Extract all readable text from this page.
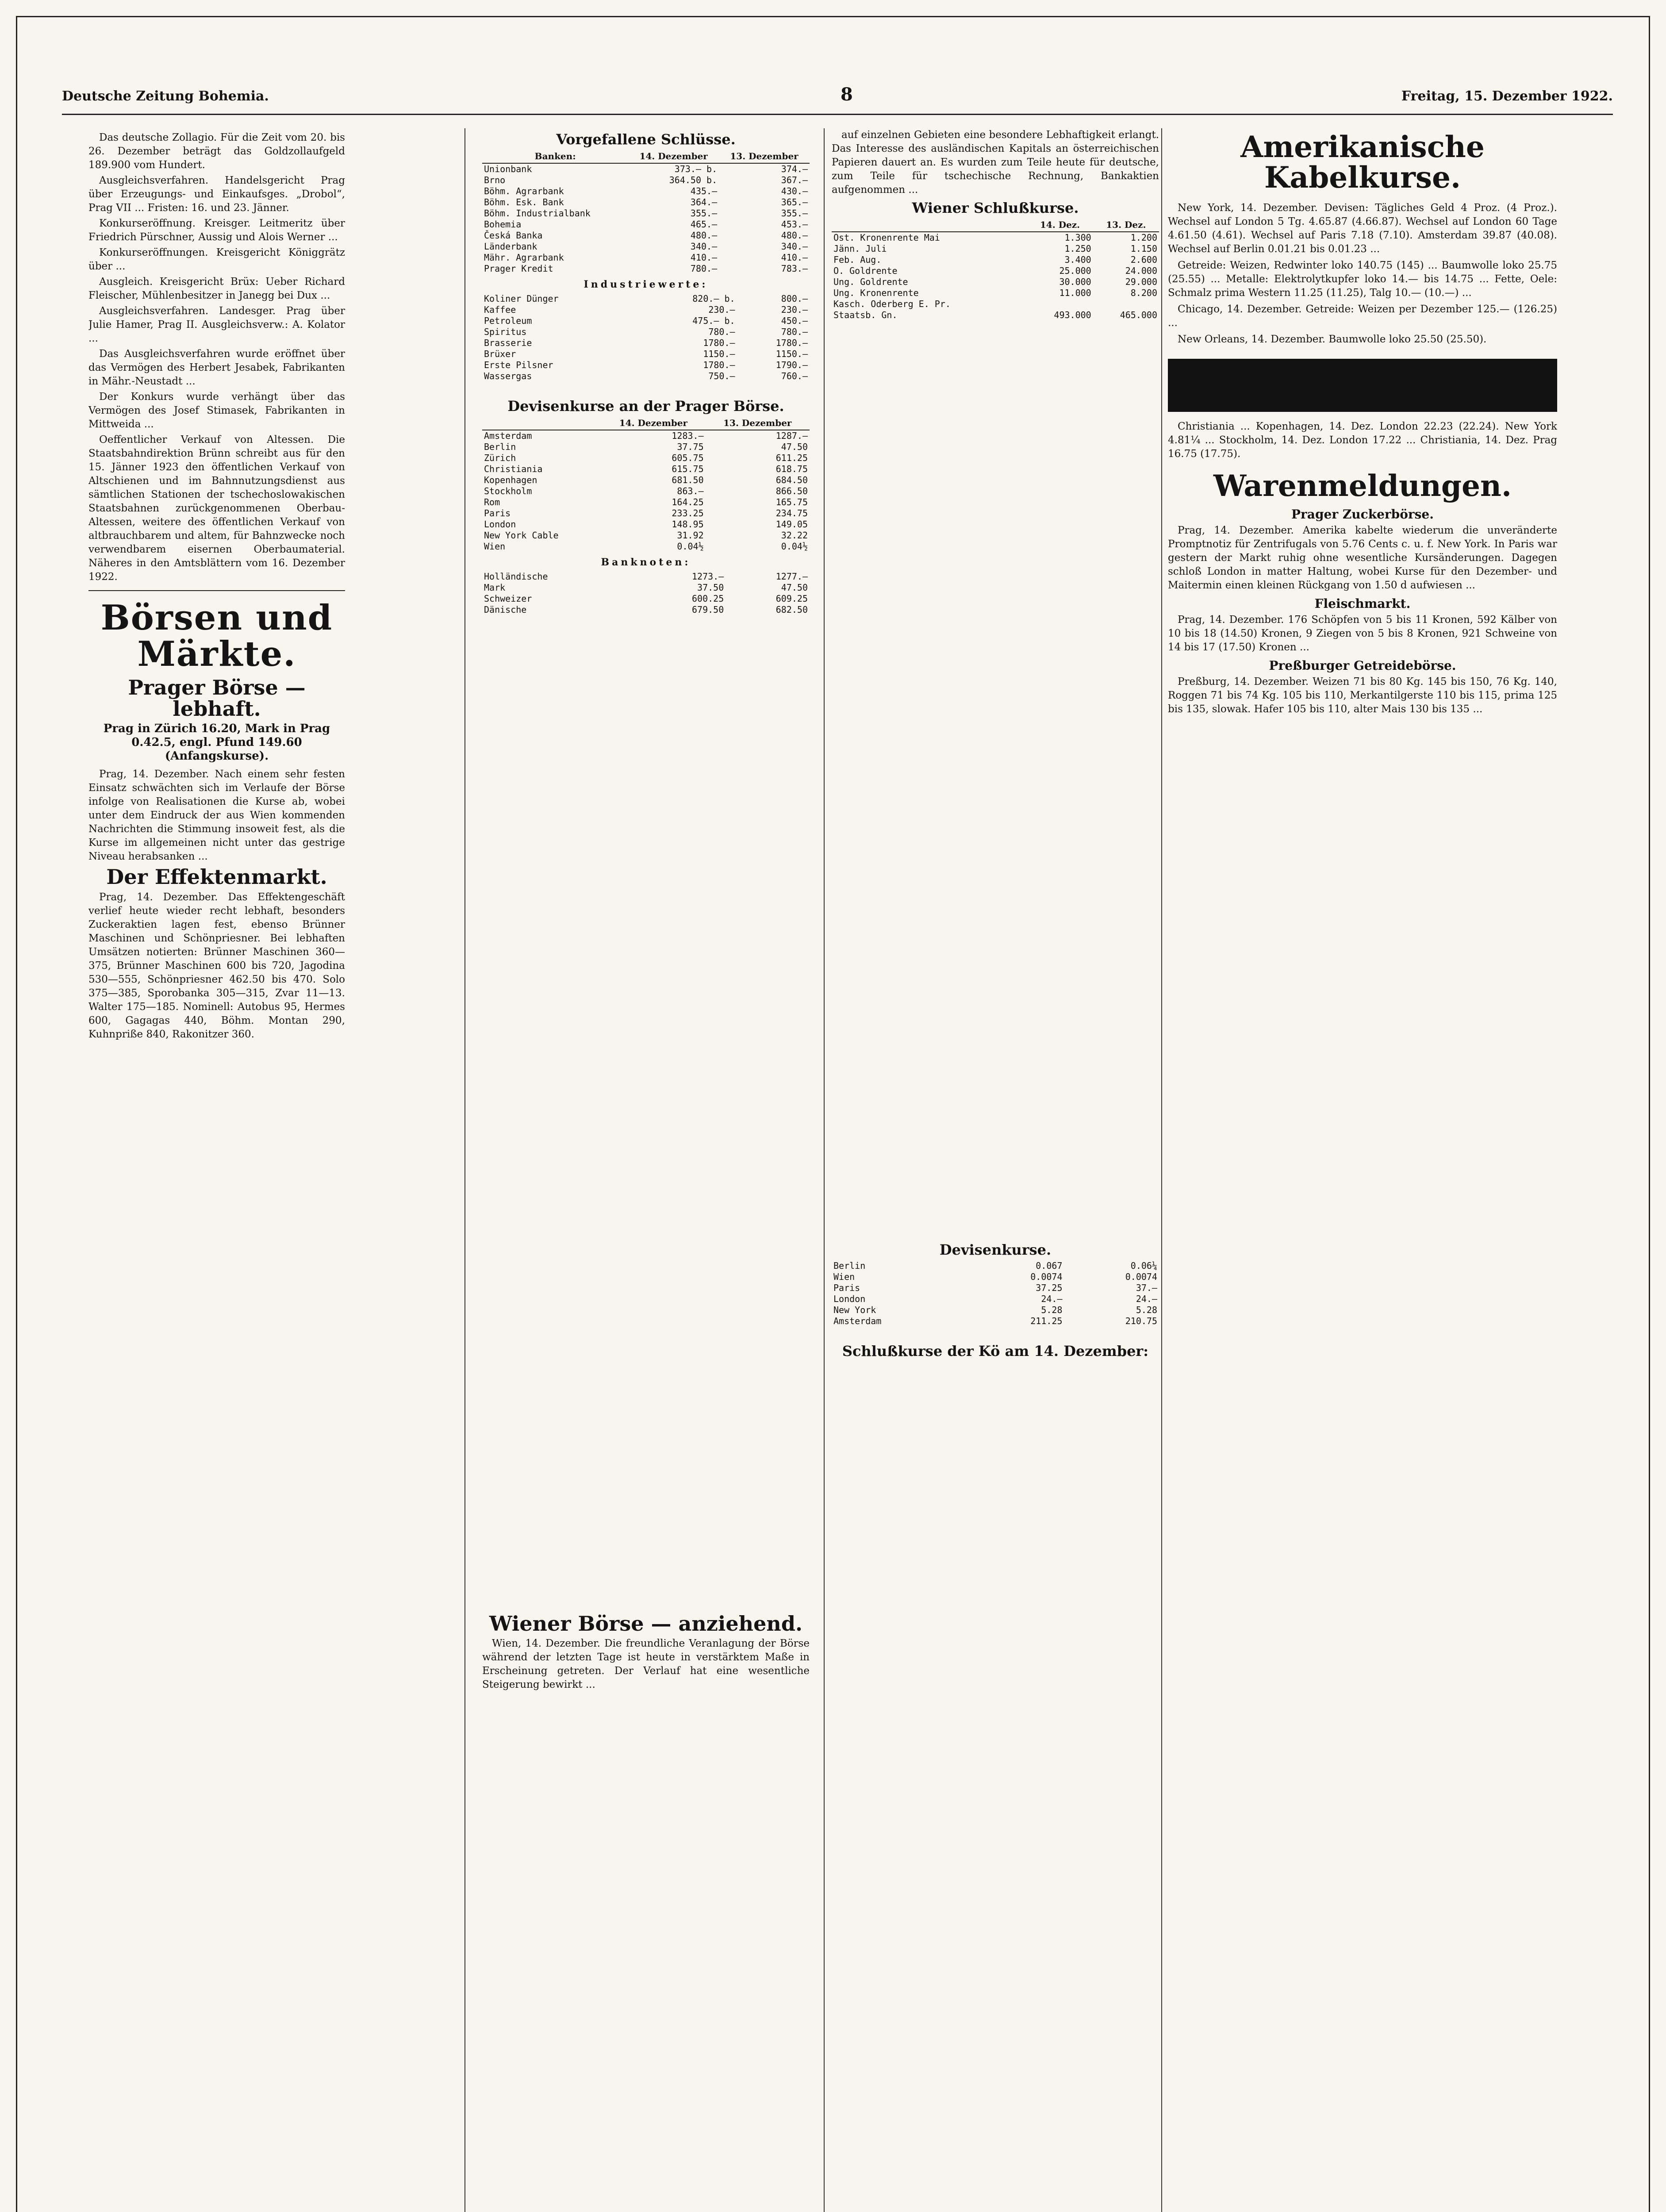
Deutsche Zeitung Bohemia.	8	Freitag, 15. Dezember 1922.

Das deutsche Zollagio. Für die Zeit vom 20. bis 26. Dezember beträgt das Goldzollaufgeld 189.900 vom Hundert.

Ausgleichsverfahren. Handelsgericht Prag über Erzeugungs- und Einkaufsges. „Drobol“, Prag VII ... Fristen: 16. und 23. Jänner.

Konkurseröffnung. Kreisger. Leitmeritz über Friedrich Pürschner, Aussig und Alois Werner ...

Konkurseröffnungen. Kreisgericht Königgrätz über ...

Ausgleich. Kreisgericht Brüx: Ueber Richard Fleischer, Mühlenbesitzer in Janegg bei Dux ...

Ausgleichsverfahren. Landesger. Prag über Julie Hamer, Prag II. Ausgleichsverw.: A. Kolator ...

Das Ausgleichsverfahren wurde eröffnet über das Vermögen des Herbert Jesabek, Fabrikanten in Mähr.-Neustadt ...

Der Konkurs wurde verhängt über das Vermögen des Josef Stimasek, Fabrikanten in Mittweida ...

Oeffentlicher Verkauf von Altessen. Die Staatsbahndirektion Brünn schreibt aus für den 15. Jänner 1923 den öffentlichen Verkauf von Altschienen und im Bahnnutzungsdienst aus sämtlichen Stationen der tschechoslowakischen Staatsbahnen zurückgenommenen Oberbau-Altessen, weitere des öffentlichen Verkauf von altbrauchbarem und altem, für Bahnzwecke noch verwendbarem eisernen Oberbaumaterial. Näheres in den Amtsblättern vom 16. Dezember 1922.

Börsen und Märkte.
Prager Börse — lebhaft.
Prag in Zürich 16.20, Mark in Prag 0.42.5, engl. Pfund 149.60 (Anfangskurse).

Prag, 14. Dezember. Nach einem sehr festen Einsatz schwächten sich im Verlaufe der Börse infolge von Realisationen die Kurse ab, wobei unter dem Eindruck der aus Wien kommenden Nachrichten die Stimmung insoweit fest, als die Kurse im allgemeinen nicht unter das gestrige Niveau herabsanken ...

Der Effektenmarkt.

Prag, 14. Dezember. Das Effektengeschäft verlief heute wieder recht lebhaft, besonders Zuckeraktien lagen fest, ebenso Brünner Maschinen und Schönpriesner. Bei lebhaften Umsätzen notierten: Brünner Maschinen 360—375, Brünner Maschinen 600 bis 720, Jagodina 530—555, Schönpriesner 462.50 bis 470. Solo 375—385, Sporobanka 305—315, Zvar 11—13. Walter 175—185. Nominell: Autobus 95, Hermes 600, Gagagas 440, Böhm. Montan 290, Kuhnpriße 840, Rakonitzer 360.

Vorgefallene Schlüsse.
Banken:	14. Dezember	13. Dezember
Unionbank	373.— b.	374.—
Brno	364.50 b.	367.—
Böhm. Agrarbank	435.—	430.—
Böhm. Esk. Bank	364.—	365.—
Böhm. Industrialbank	355.—	355.—
Bohemia	465.—	453.—
Česká Banka	480.—	480.—
Länderbank	340.—	340.—
Mähr. Agrarbank	410.—	410.—
Prager Kredit	780.—	783.—
Industriewerte:
Koliner Dünger	820.— b.	800.—
Kaffee	230.—	230.—
Petroleum	475.— b.	450.—
Spiritus	780.—	780.—
Brasserie	1780.—	1780.—
Brüxer	1150.—	1150.—
Erste Pilsner	1780.—	1790.—
Wassergas	750.—	760.—
Devisenkurse an der Prager Börse.
	14. Dezember	13. Dezember
Amsterdam	1283.—	1287.—
Berlin	37.75	47.50
Zürich	605.75	611.25
Christiania	615.75	618.75
Kopenhagen	681.50	684.50
Stockholm	863.—	866.50
Rom	164.25	165.75
Paris	233.25	234.75
London	148.95	149.05
New York Cable	31.92	32.22
Wien	0.04½	0.04½
Banknoten:
Holländische	1273.—	1277.—
Mark	37.50	47.50
Schweizer	600.25	609.25
Dänische	679.50	682.50
Wiener Börse — anziehend.

Wien, 14. Dezember. Die freundliche Veranlagung der Börse während der letzten Tage ist heute in verstärktem Maße in Erscheinung getreten. Der Verlauf hat eine wesentliche Steigerung bewirkt ...

auf einzelnen Gebieten eine besondere Lebhaftigkeit erlangt. Das Interesse des ausländischen Kapitals an österreichischen Papieren dauert an. Es wurden zum Teile heute für deutsche, zum Teile für tschechische Rechnung, Bankaktien aufgenommen ...

Wiener Schlußkurse.
	14. Dez.	13. Dez.
Ost. Kronenrente Mai	1.300	1.200
Jänn. Juli	1.250	1.150
Feb. Aug.	3.400	2.600
O. Goldrente	25.000	24.000
Ung. Goldrente	30.000	29.000
Ung. Kronenrente	11.000	8.200
Kasch. Oderberg E. Pr.		
Staatsb. Gn.	493.000	465.000
Devisenkurse.
Berlin	0.067	0.06¼
Wien	0.0074	0.0074
Paris	37.25	37.—
London	24.—	24.—
New York	5.28	5.28
Amsterdam	211.25	210.75
Schlußkurse der Kö am 14. Dezember:
Amerikanische Kabelkurse.

New York, 14. Dezember. Devisen: Tägliches Geld 4 Proz. (4 Proz.). Wechsel auf London 5 Tg. 4.65.87 (4.66.87). Wechsel auf London 60 Tage 4.61.50 (4.61). Wechsel auf Paris 7.18 (7.10). Amsterdam 39.87 (40.08). Wechsel auf Berlin 0.01.21 bis 0.01.23 ...

Getreide: Weizen, Redwinter loko 140.75 (145) ... Baumwolle loko 25.75 (25.55) ... Metalle: Elektrolytkupfer loko 14.— bis 14.75 ... Fette, Oele: Schmalz prima Western 11.25 (11.25), Talg 10.— (10.—) ...

Chicago, 14. Dezember. Getreide: Weizen per Dezember 125.— (126.25) ...

New Orleans, 14. Dezember. Baumwolle loko 25.50 (25.50).

Christiania ... Kopenhagen, 14. Dez. London 22.23 (22.24). New York 4.81¼ ... Stockholm, 14. Dez. London 17.22 ... Christiania, 14. Dez. Prag 16.75 (17.75).

Warenmeldungen.
Prager Zuckerbörse.

Prag, 14. Dezember. Amerika kabelte wiederum die unveränderte Promptnotiz für Zentrifugals von 5.76 Cents c. u. f. New York. In Paris war gestern der Markt ruhig ohne wesentliche Kursänderungen. Dagegen schloß London in matter Haltung, wobei Kurse für den Dezember- und Maitermin einen kleinen Rückgang von 1.50 d aufwiesen ...

Fleischmarkt.

Prag, 14. Dezember. 176 Schöpfen von 5 bis 11 Kronen, 592 Kälber von 10 bis 18 (14.50) Kronen, 9 Ziegen von 5 bis 8 Kronen, 921 Schweine von 14 bis 17 (17.50) Kronen ...

Preßburger Getreidebörse.

Preßburg, 14. Dezember. Weizen 71 bis 80 Kg. 145 bis 150, 76 Kg. 140, Roggen 71 bis 74 Kg. 105 bis 110, Merkantilgerste 110 bis 115, prima 125 bis 135, slowak. Hafer 105 bis 110, alter Mais 130 bis 135 ...
